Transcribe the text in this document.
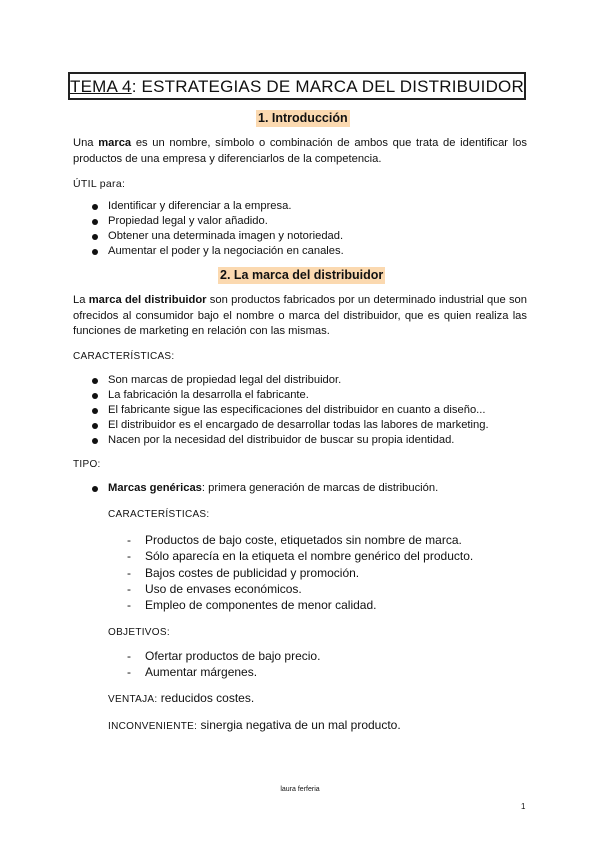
TEMA 4: ESTRATEGIAS DE MARCA DEL DISTRIBUIDOR
1. Introducción
Una marca es un nombre, símbolo o combinación de ambos que trata de identificar los productos de una empresa y diferenciarlos de la competencia.
ÚTIL para:
Identificar y diferenciar a la empresa.
Propiedad legal y valor añadido.
Obtener una determinada imagen y notoriedad.
Aumentar el poder y la negociación en canales.
2. La marca del distribuidor
La marca del distribuidor son productos fabricados por un determinado industrial que son ofrecidos al consumidor bajo el nombre o marca del distribuidor, que es quien realiza las funciones de marketing en relación con las mismas.
CARACTERÍSTICAS:
Son marcas de propiedad legal del distribuidor.
La fabricación la desarrolla el fabricante.
El fabricante sigue las especificaciones del distribuidor en cuanto a diseño...
El distribuidor es el encargado de desarrollar todas las labores de marketing.
Nacen por la necesidad del distribuidor de buscar su propia identidad.
TIPO:
Marcas genéricas: primera generación de marcas de distribución.
CARACTERÍSTICAS:
- Productos de bajo coste, etiquetados sin nombre de marca.
- Sólo aparecía en la etiqueta el nombre genérico del producto.
- Bajos costes de publicidad y promoción.
- Uso de envases económicos.
- Empleo de componentes de menor calidad.
OBJETIVOS:
- Ofertar productos de bajo precio.
- Aumentar márgenes.
VENTAJA: reducidos costes.
INCONVENIENTE: sinergia negativa de un mal producto.
laura ferferia
1
